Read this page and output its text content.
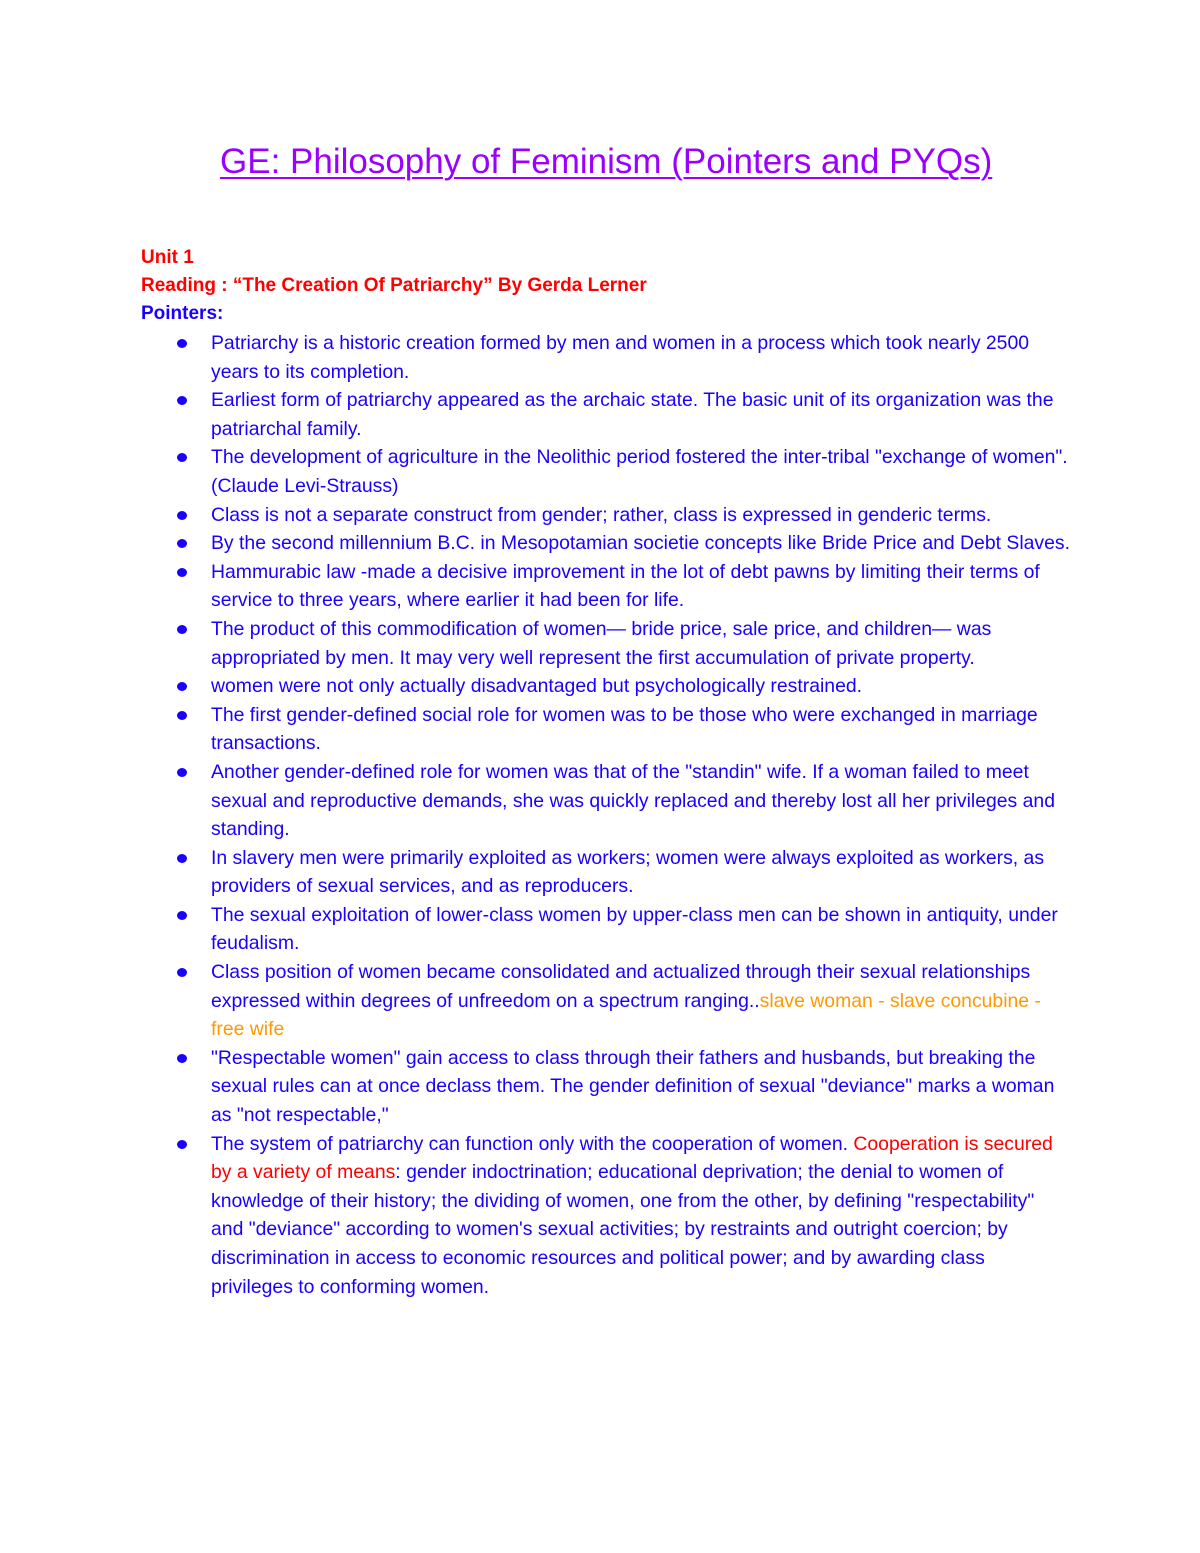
GE: Philosophy of Feminism (Pointers and PYQs)
Unit 1
Reading : “The Creation Of Patriarchy” By Gerda Lerner
Pointers:
Patriarchy is a historic creation formed by men and women in a process which took nearly 2500 years to its completion.
Earliest form of patriarchy appeared as the archaic state. The basic unit of its organization was the patriarchal family.
The development of agriculture in the Neolithic period fostered the inter-tribal "exchange of women".(Claude Levi-Strauss)
Class is not a separate construct from gender; rather, class is expressed in genderic terms.
By the second millennium B.C. in Mesopotamian societie concepts like Bride Price and Debt Slaves.
Hammurabic law -made a decisive improvement in the lot of debt pawns by limiting their terms of service to three years, where earlier it had been for life.
The product of this commodification of women— bride price, sale price, and children— was appropriated by men. It may very well represent the first accumulation of private property.
women were not only actually disadvantaged but psychologically restrained.
The first gender-defined social role for women was to be those who were exchanged in marriage transactions.
Another gender-defined role for women was that of the "standin" wife. If a woman failed to meet sexual and reproductive demands, she was quickly replaced and thereby lost all her privileges and standing.
In slavery men were primarily exploited as workers; women were always exploited as workers, as providers of sexual services, and as reproducers.
The sexual exploitation of lower-class women by upper-class men can be shown in antiquity, under feudalism.
Class position of women became consolidated and actualized through their sexual relationships expressed within degrees of unfreedom on a spectrum ranging..slave woman - slave concubine - free wife
"Respectable women" gain access to class through their fathers and husbands, but breaking the sexual rules can at once declass them. The gender definition of sexual "deviance" marks a woman as "not respectable,"
The system of patriarchy can function only with the cooperation of women. Cooperation is secured by a variety of means: gender indoctrination; educational deprivation; the denial to women of knowledge of their history; the dividing of women, one from the other, by defining "respectability" and "deviance" according to women's sexual activities; by restraints and outright coercion; by discrimination in access to economic resources and political power; and by awarding class privileges to conforming women.
